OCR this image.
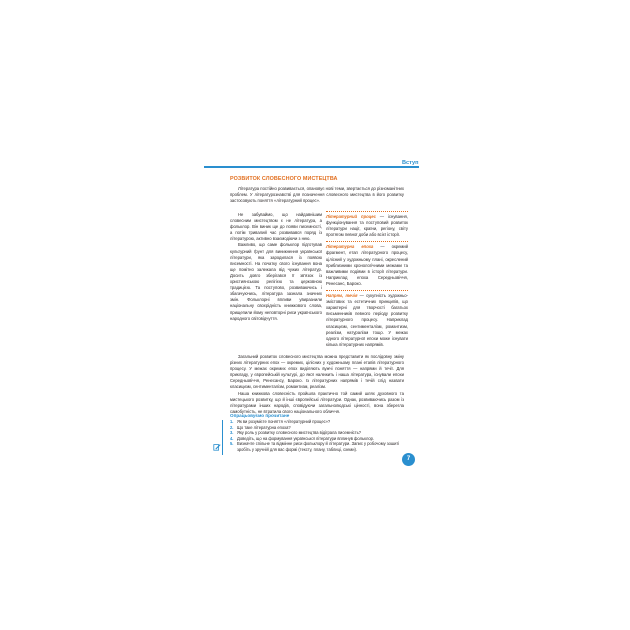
Вступ
РОЗВИТОК СЛОВЕСНОГО МИСТЕЦТВА

Література постійно розвивається, опановує нові теми, звертається до різноманітних проблем. У літературознавстві для позначення словесного мистецтва в його розвитку застосовують поняття «літературний процес».

Не забуваймо, що найдавнішим словесним мистецтвом є не література, а фольклор. Він виник ще до появи писемності, а потім тривалий час розвивався поряд із літературою, активно взаємодіючи з нею.

Важливо, що саме фольклор підготував культурний ґрунт для виникнення української літератури, яка зародилася із появою писемності. На початку свого існування вона ще помітно залежала від чужих літератур. Досить довго зберігався її зв'язок із християнською релігією та церковною традицією. Та поступово, розвиваючись і збагачуючись, література зазнала значних змін. Фольклорні впливи увиразнили національну своєрідність книжкового слова, прищепили йому неповторні риси українського народного світовідчуття.

Літературний процес — існування, функціонування та поступовий розвиток літератури нації, країни, регіону, світу протягом певної доби або всієї історії.

Літературна епоха — окремий фрагмент, етап літературного процесу, цілісний у художньому плані, окреслений приблизними хронологічними межами та важливими подіями в історії літератури. Наприклад епоха Середньовіччя, Ренесанс, Бароко.

Напрям, течія — сукупність художньо-змістових та естетичних принципів, що характерні для творчості багатьох письменників певного періоду розвитку літературного процесу. Наприклад класицизм, сентименталізм, романтизм, реалізм, натуралізм тощо. У межах одного літературної епохи може існувати кілька літературних напрямів.

Загальний розвиток словесного мистецтва можна представити як послідовну зміну різних літературних епох — окремих, цілісних у художньому плані етапів літературного процесу. У межах окремих епох виділяють вужчі поняття — напрями й течії. Для прикладу, у європейській культурі, до якої належить і наша література, існували епохи Середньовіччя, Ренесансу, Бароко. Із літературних напрямів і течій слід назвати класицизм, сентименталізм, романтизм, реалізм.

Наша книжкова словесність пройшла практично той самий шлях духовного та мистецького розвитку, що й інші європейські літератури. Однак, розвиваючись разом із літературами інших народів, сповідуючи загальнолюдські цінності, вона зберегла самобутність, не втратила свого національного обличчя.

Опрацьовуємо прочитане
1. Як ви розумієте поняття «літературний процес»?
2. Що таке літературна епоха?
3. Яку роль у розвитку словесного мистецтва відіграла писемність?
4. Доведіть, що на формування української літератури вплинув фольклор.
5. Визначте спільне та відмінне риси фольклору й літератури. Запис у робочому зошиті зробіть у зручній для вас формі (тексту, плану, таблиці, схеми).
7
